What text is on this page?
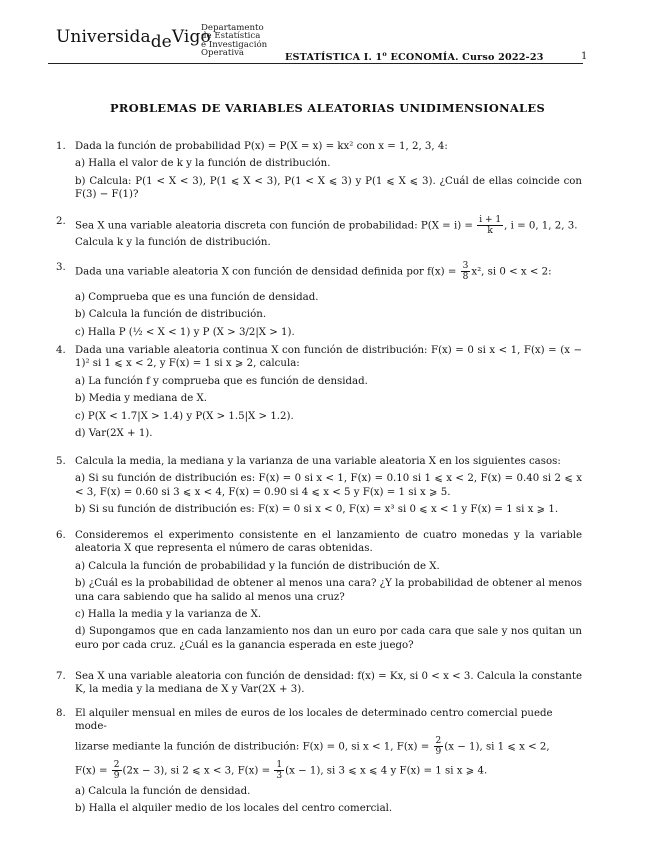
UniversidadeVigo
Departamento
de Estatística
e Investigación
Operativa	ESTATÍSTICA I. 1$^o$ ECONOMÍA. Curso 2022-23	1
PROBLEMAS DE VARIABLES ALEATORIAS UNIDIMENSIONALES
1. Dada la función de probabilidad P(x) = P(X = x) = kx² con x = 1, 2, 3, 4:
a) Halla el valor de k y la función de distribución.
b) Calcula: P(1 < X < 3), P(1 ⩽ X < 3), P(1 < X ⩽ 3) y P(1 ⩽ X ⩽ 3). ¿Cuál de ellas coincide con F(3) − F(1)?
2. Sea X una variable aleatoria discreta con función de probabilidad: $P(X = i) = \frac{i + 1}{k}$ , i = 0, 1, 2, 3.
Calcula k y la función de distribución.
3. Dada una variable aleatoria X con función de densidad definida por $f(x) = \frac{3}{8} x^2$, si 0 < x < 2:
a) Comprueba que es una función de densidad.
b) Calcula la función de distribución.
c) Halla P (½ < X < 1) y P (X > 3/2|X > 1).
4. Dada una variable aleatoria continua X con función de distribución: F(x) = 0 si x < 1, F(x) = (x − 1)² si 1 ⩽ x < 2, y F(x) = 1 si x ⩾ 2, calcula:
a) La función f y comprueba que es función de densidad.
b) Media y mediana de X.
c) P(X < 1.7|X > 1.4) y P(X > 1.5|X > 1.2).
d) Var(2X + 1).
5. Calcula la media, la mediana y la varianza de una variable aleatoria X en los siguientes casos:
a) Si su función de distribución es: F(x) = 0 si x < 1, F(x) = 0.10 si 1 ⩽ x < 2, F(x) = 0.40 si 2 ⩽ x < 3, F(x) = 0.60 si 3 ⩽ x < 4, F(x) = 0.90 si 4 ⩽ x < 5 y F(x) = 1 si x ⩾ 5.
b) Si su función de distribución es: F(x) = 0 si x < 0, F(x) = x³ si 0 ⩽ x < 1 y F(x) = 1 si x ⩾ 1.
6. Consideremos el experimento consistente en el lanzamiento de cuatro monedas y la variable aleatoria X que representa el número de caras obtenidas.
a) Calcula la función de probabilidad y la función de distribución de X.
b) ¿Cuál es la probabilidad de obtener al menos una cara? ¿Y la probabilidad de obtener al menos una cara sabiendo que ha salido al menos una cruz?
c) Halla la media y la varianza de X.
d) Supongamos que en cada lanzamiento nos dan un euro por cada cara que sale y nos quitan un euro por cada cruz. ¿Cuál es la ganancia esperada en este juego?
7. Sea X una variable aleatoria con función de densidad: f(x) = Kx, si 0 < x < 3. Calcula la constante K, la media y la mediana de X y Var(2X + 3).
8. El alquiler mensual en miles de euros de los locales de determinado centro comercial puede mode-
lizarse mediante la función de distribución: F(x) = 0, si x < 1, $F(x) = \frac{2}{9} (x - 1)$, si 1 ⩽ x < 2,
$F(x) = \frac{2}{9} (2x - 3)$, si 2 ⩽ x < 3, $F(x) = \frac{1}{3} (x - 1)$, si 3 ⩽ x ⩽ 4 y F(x) = 1 si x ⩾ 4.
a) Calcula la función de densidad.
b) Halla el alquiler medio de los locales del centro comercial.
